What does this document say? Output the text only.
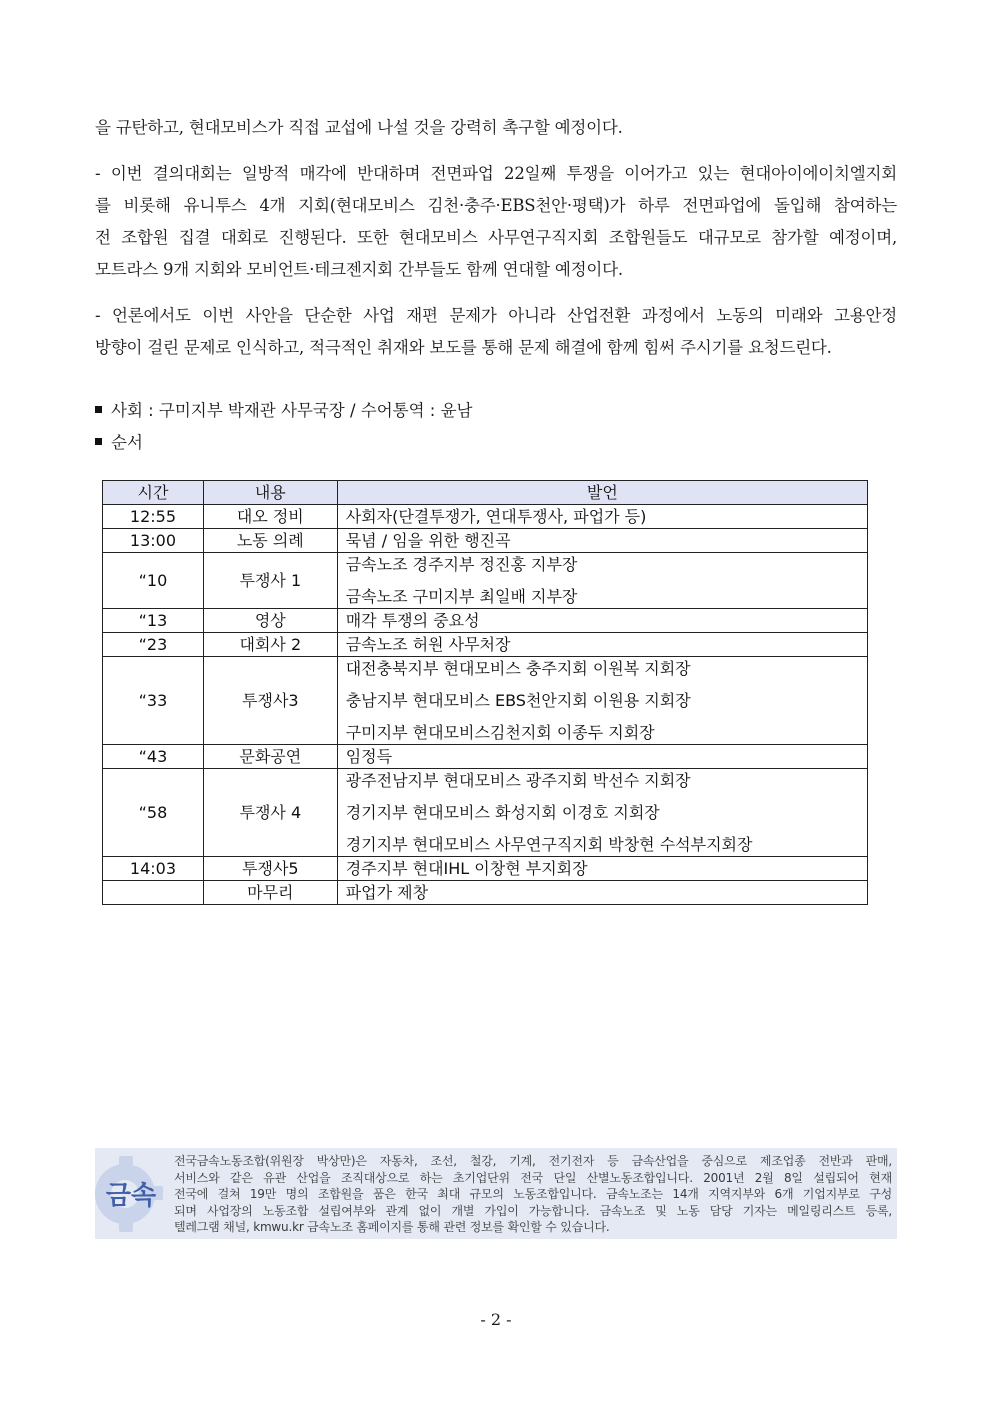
을 규탄하고, 현대모비스가 직접 교섭에 나설 것을 강력히 촉구할 예정이다.
- 이번 결의대회는 일방적 매각에 반대하며 전면파업 22일째 투쟁을 이어가고 있는 현대아이에이치엘지회
를 비롯해 유니투스 4개 지회(현대모비스 김천·충주·EBS천안·평택)가 하루 전면파업에 돌입해 참여하는
전 조합원 집결 대회로 진행된다. 또한 현대모비스 사무연구직지회 조합원들도 대규모로 참가할 예정이며,
모트라스 9개 지회와 모비언트·테크젠지회 간부들도 함께 연대할 예정이다.
- 언론에서도 이번 사안을 단순한 사업 재편 문제가 아니라 산업전환 과정에서 노동의 미래와 고용안정
방향이 걸린 문제로 인식하고, 적극적인 취재와 보도를 통해 문제 해결에 함께 힘써 주시기를 요청드린다.
사회 : 구미지부 박재관 사무국장 / 수어통역 : 윤남
순서
시간	내용	발언
12:55	대오 정비	사회자(단결투쟁가, 연대투쟁사, 파업가 등)

13:00	노동 의례	묵념 / 임을 위한 행진곡

“10	투쟁사 1	금속노조 경주지부 정진홍 지부장
금속노조 구미지부 최일배 지부장

“13	영상	매각 투쟁의 중요성

“23	대회사 2	금속노조 허원 사무처장

“33	투쟁사3	대전충북지부 현대모비스 충주지회 이원복 지회장
충남지부 현대모비스 EBS천안지회 이원용 지회장
구미지부 현대모비스김천지회 이종두 지회장

“43	문화공연	임정득

“58	투쟁사 4	광주전남지부 현대모비스 광주지회 박선수 지회장
경기지부 현대모비스 화성지회 이경호 지회장
경기지부 현대모비스 사무연구직지회 박창현 수석부지회장

14:03	투쟁사5	경주지부 현대IHL 이창현 부지회장

	마무리	파업가 제창
금속
전국금속노동조합(위원장 박상만)은 자동차, 조선, 철강, 기계, 전기전자 등 금속산업을 중심으로 제조업종 전반과 판매,
서비스와 같은 유관 산업을 조직대상으로 하는 초기업단위 전국 단일 산별노동조합입니다. 2001년 2월 8일 설립되어 현재
전국에 걸쳐 19만 명의 조합원을 품은 한국 최대 규모의 노동조합입니다. 금속노조는 14개 지역지부와 6개 기업지부로 구성
되며 사업장의 노동조합 설립여부와 관계 없이 개별 가입이 가능합니다. 금속노조 및 노동 담당 기자는 메일링리스트 등록,
텔레그램 채널, kmwu.kr 금속노조 홈페이지를 통해 관련 정보를 확인할 수 있습니다.
- 2 -
